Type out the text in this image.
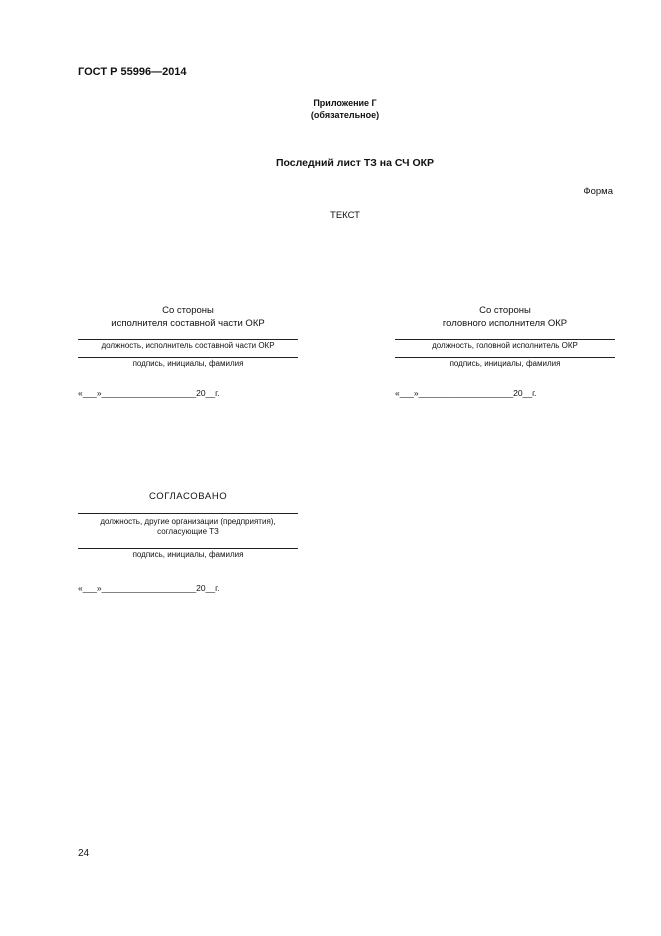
ГОСТ Р 55996—2014
Приложение Г
(обязательное)
Последний лист ТЗ на СЧ ОКР
Форма
ТЕКСТ
Со стороны
исполнителя составной части ОКР
должность, исполнитель составной части ОКР
подпись, инициалы, фамилия
«___»____________________20__г.
Со стороны
головного исполнителя ОКР
должность, головной исполнитель ОКР
подпись, инициалы, фамилия
«___»____________________20__г.
СОГЛАСОВАНО
должность, другие организации (предприятия),
согласующие ТЗ
подпись, инициалы, фамилия
«___»____________________20__г.
24
